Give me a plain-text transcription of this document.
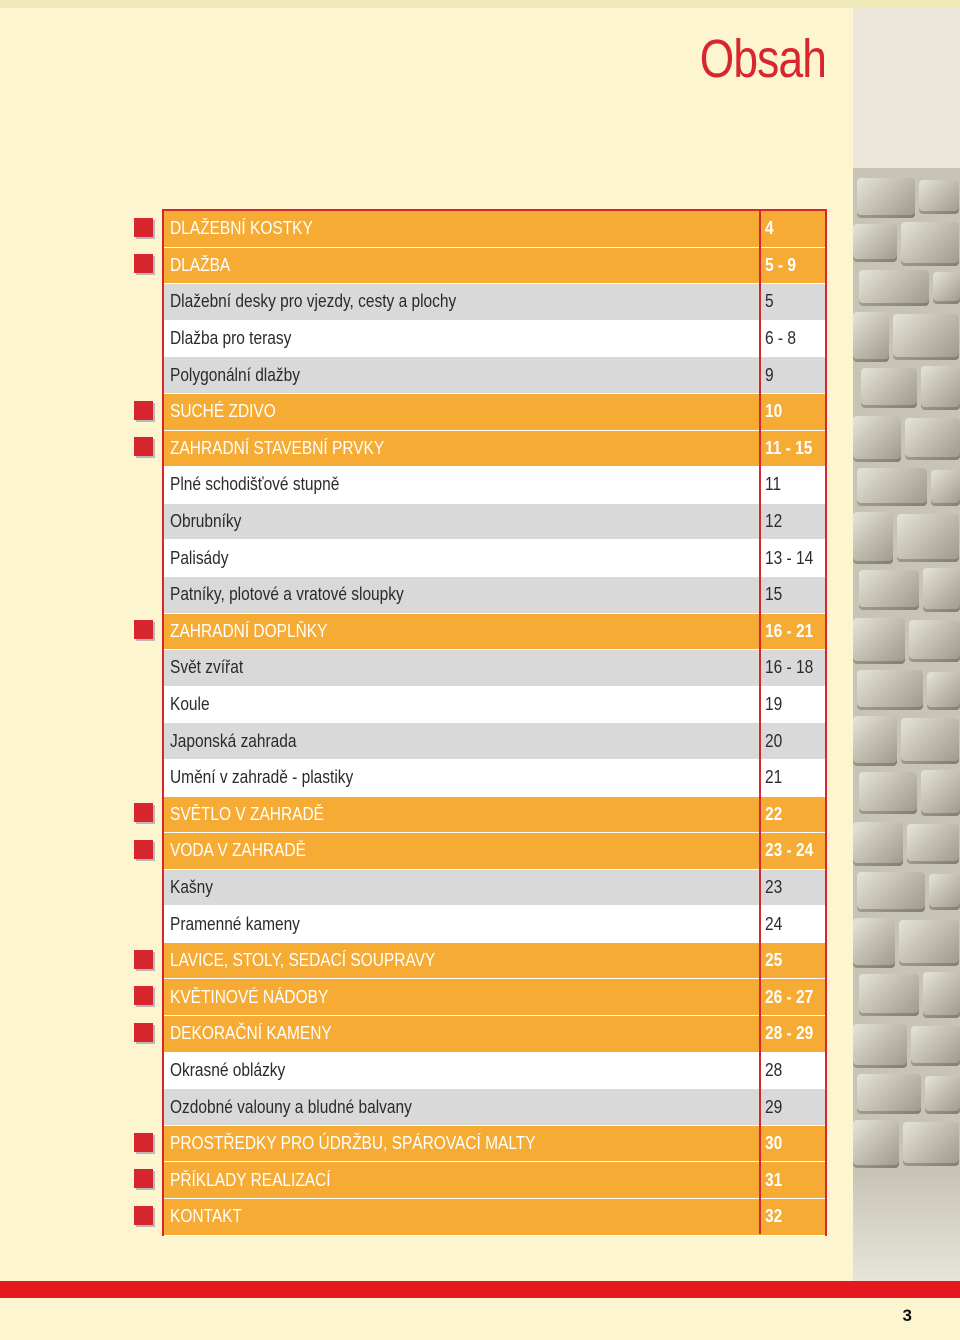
Obsah
DLAŽEBNÍ KOSTKY	4
DLAŽBA	5 - 9
Dlažební desky pro vjezdy, cesty a plochy	5
Dlažba pro terasy	6 - 8
Polygonální dlažby	9
SUCHÉ ZDIVO	10
ZAHRADNÍ STAVEBNÍ PRVKY	11 - 15
Plné schodišťové stupně	11
Obrubníky	12
Palisády	13 - 14
Patníky, plotové a vratové sloupky	15
ZAHRADNÍ DOPLŇKY	16 - 21
Svět zvířat	16 - 18
Koule	19
Japonská zahrada	20
Umění v zahradě - plastiky	21
SVĚTLO V ZAHRADĚ	22
VODA V ZAHRADĚ	23 - 24
Kašny	23
Pramenné kameny	24
LAVICE, STOLY, SEDACÍ SOUPRAVY	25
KVĚTINOVÉ NÁDOBY	26 - 27
DEKORAČNÍ KAMENY	28 - 29
Okrasné oblázky	28
Ozdobné valouny a bludné balvany	29
PROSTŘEDKY PRO ÚDRŽBU, SPÁROVACÍ MALTY	30
PŘÍKLADY REALIZACÍ	31
KONTAKT	32
3
